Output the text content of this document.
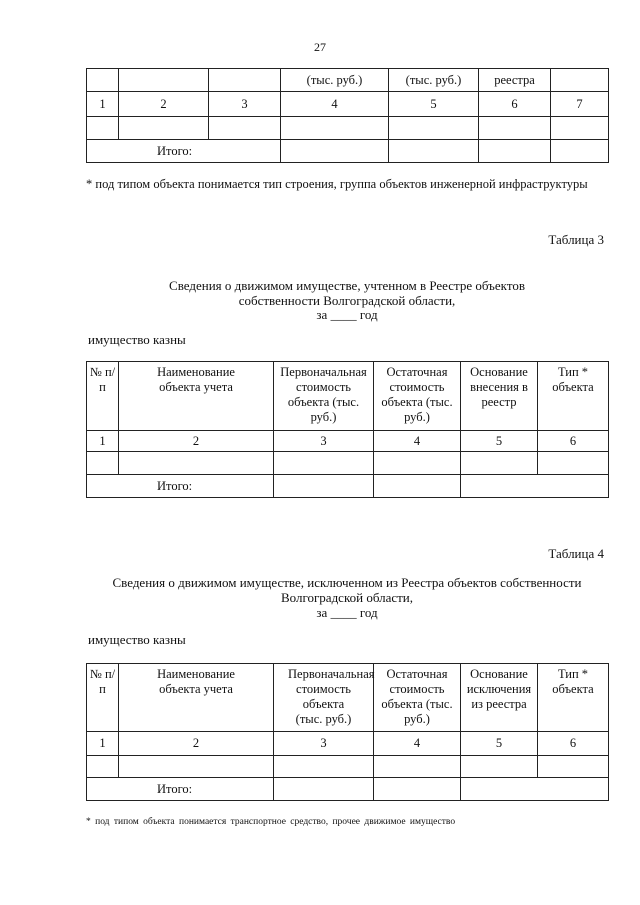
27
			(тыс. руб.)	(тыс. руб.)	реестра	
1	2	3	4	5	6	7

Итого:						
* под типом объекта понимается тип строения, группа объектов инженерной инфраструктуры
Таблица 3
Сведения о движимом имуществе, учтенном в Реестре объектов
собственности Волгоградской области,
за ____ год
имущество казны
№ п/п	Наименование объекта учета	Первоначальная стоимость объекта (тыс. руб.)	Остаточная стоимость объекта (тыс. руб.)	Основание внесения в реестр	Тип * объекта
1	2	3	4	5	6

Итого:					
Таблица 4
Сведения о движимом имуществе, исключенном из Реестра объектов собственности
Волгоградской области,
за ____ год
имущество казны
№ п/п	Наименование объекта учета	Первоначальная стоимость объекта (тыс. руб.)	Остаточная стоимость объекта (тыс. руб.)	Основание исключения из реестра	Тип * объекта
1	2	3	4	5	6

Итого:					
* под типом объекта понимается транспортное средство, прочее движимое имущество
